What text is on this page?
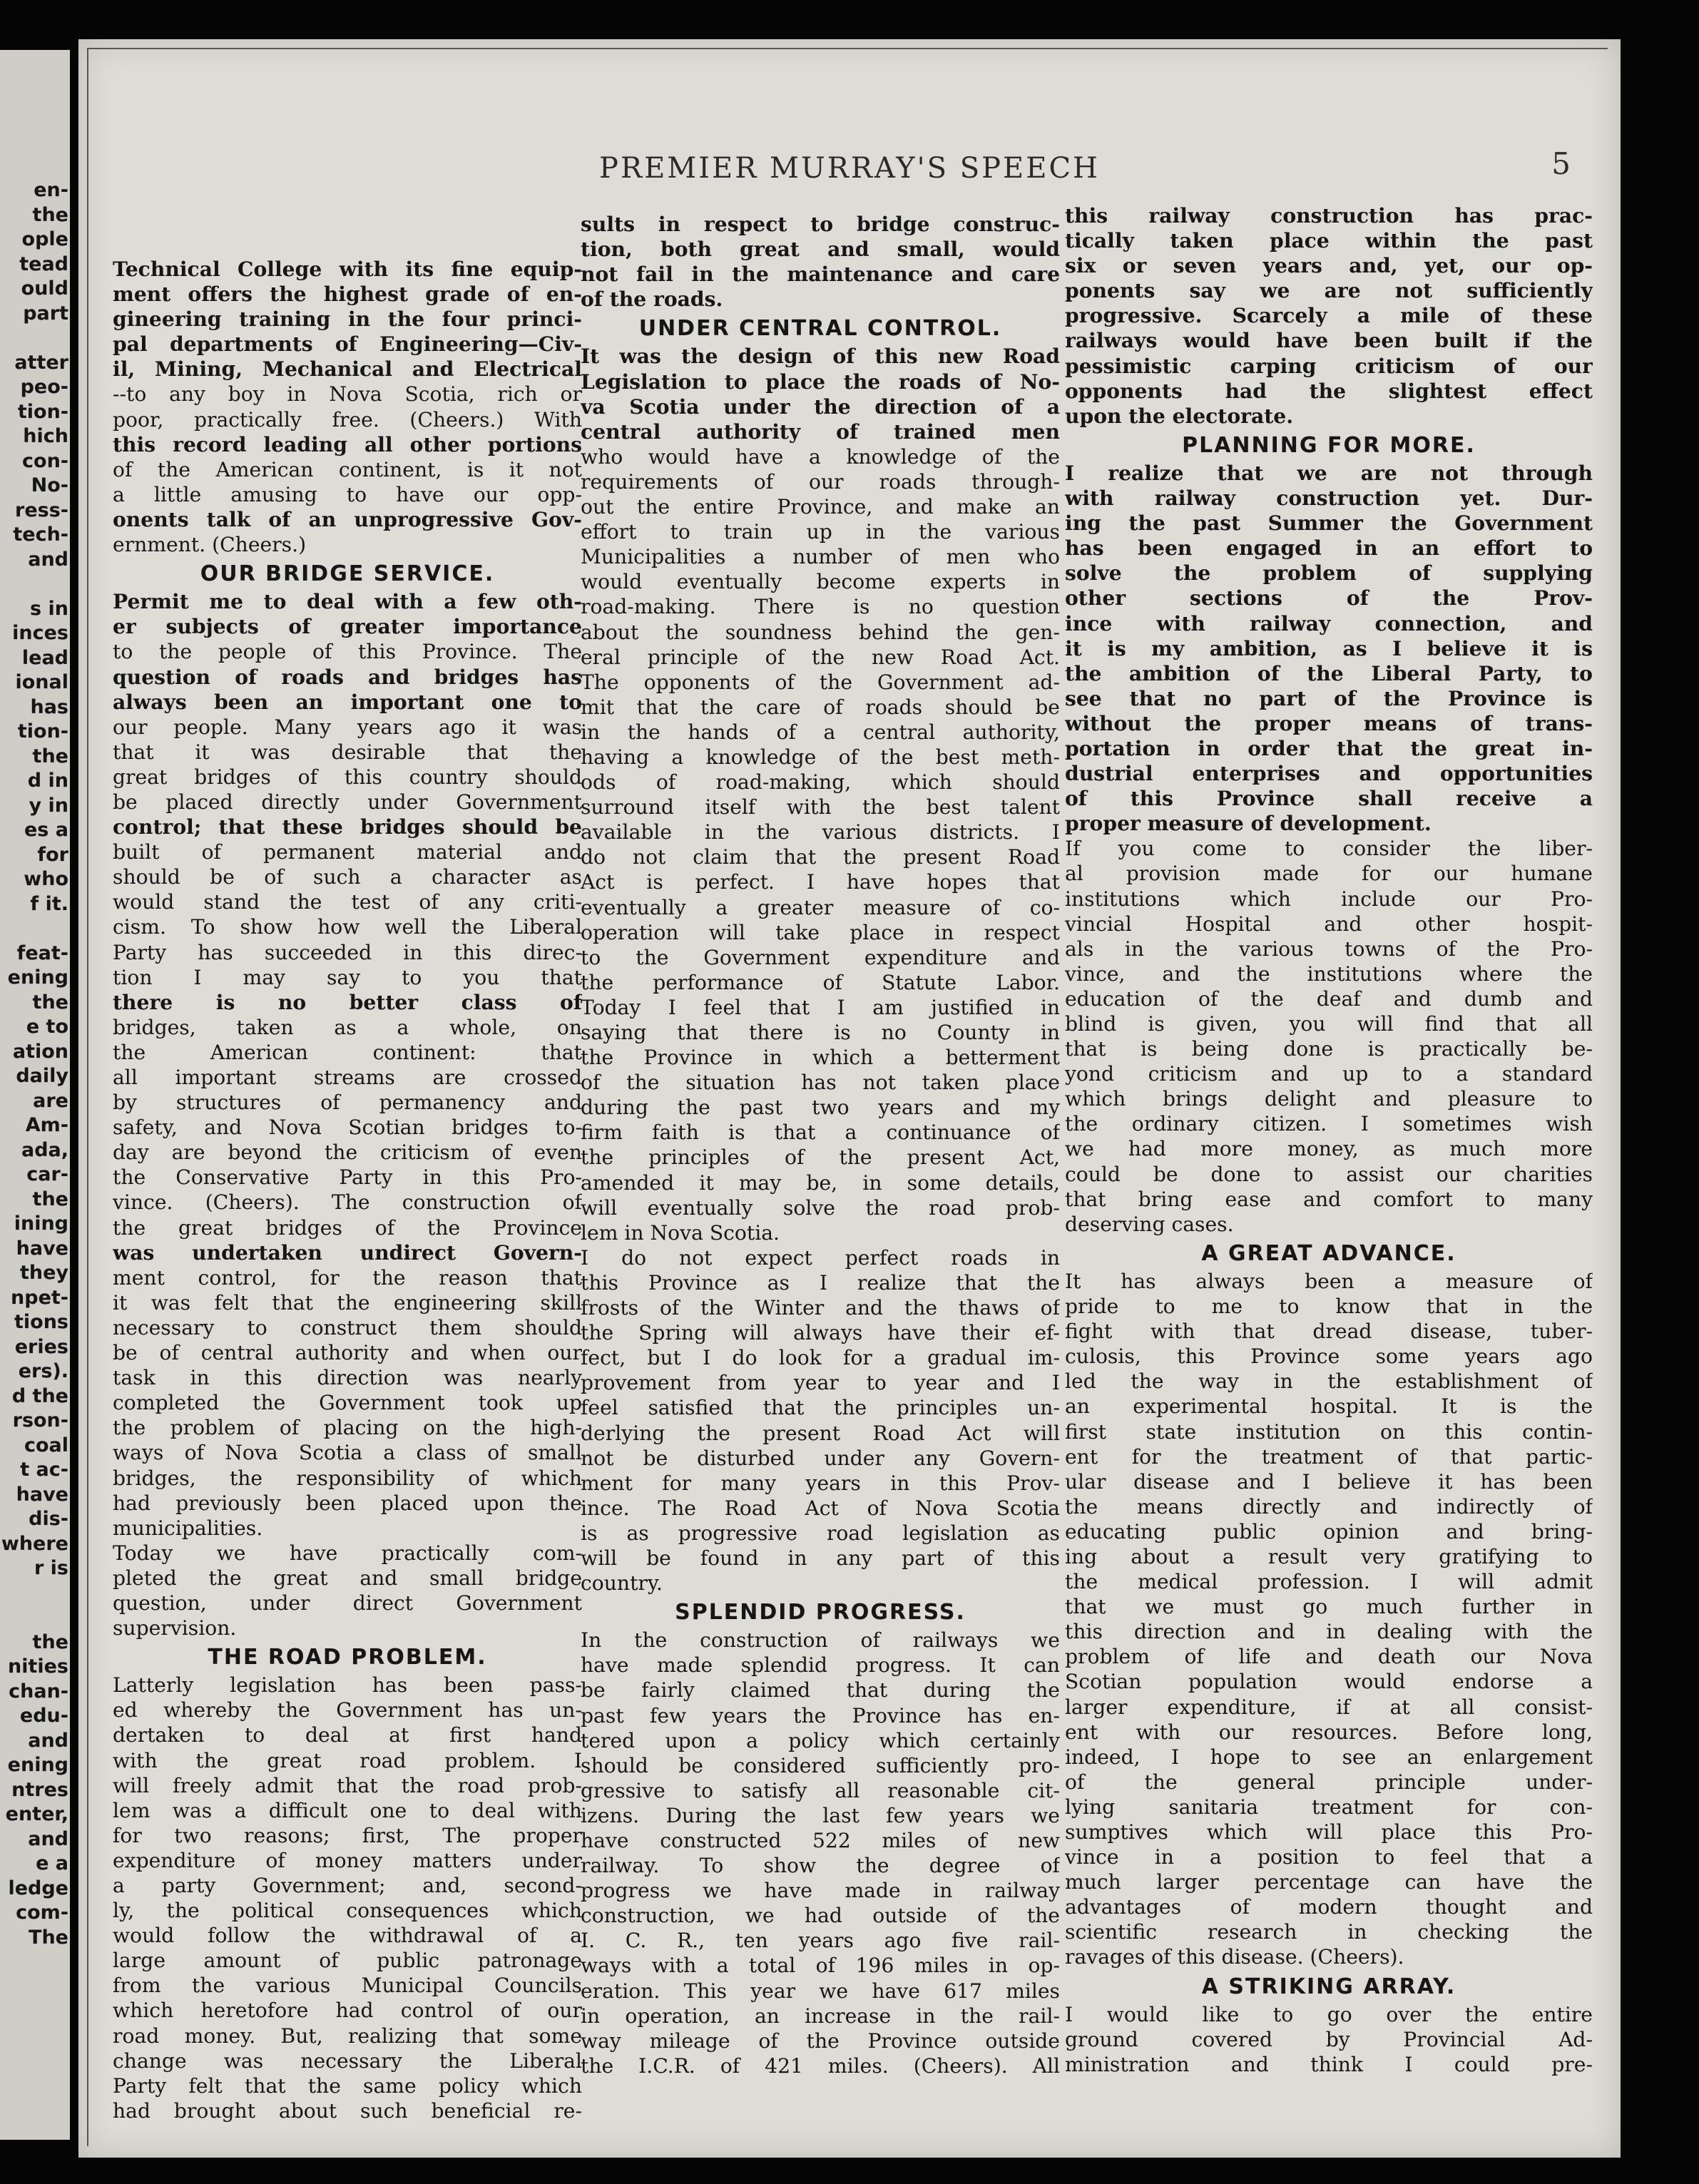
en-
the
ople
tead
ould
part

atter
peo-
tion-
hich
con-
No-
ress-
tech-
and

s in
inces
lead
ional
has
tion-
the
d in
y in
es a
for
who
f it.

feat-
ening
the
e to
ation
daily
are
Am-
ada,
car-
the
ining
have
they
npet-
tions
eries
ers).
d the
rson-
coal
t ac-
have
dis-
where
r is

the
nities
chan-
edu-
and
ening
ntres
enter,
and
e a
ledge
com-
The
PREMIER MURRAY'S SPEECH	5
Technical College with its fine equip-
ment offers the highest grade of en-
gineering training in the four princi-
pal departments of Engineering—Civ-
il, Mining, Mechanical and Electrical
--to any boy in Nova Scotia, rich or
poor, practically free. (Cheers.) With
this record leading all other portions
of the American continent, is it not
a little amusing to have our opp-
onents talk of an unprogressive Gov-
ernment. (Cheers.)
OUR BRIDGE SERVICE.
Permit me to deal with a few oth-
er subjects of greater importance
to the people of this Province. The
question of roads and bridges has
always been an important one to
our people. Many years ago it was
that it was desirable that the
great bridges of this country should
be placed directly under Government
control; that these bridges should be
built of permanent material and
should be of such a character as
would stand the test of any criti-
cism. To show how well the Liberal
Party has succeeded in this direc-
tion I may say to you that
there is no better class of
bridges, taken as a whole, on
the American continent: that
all important streams are crossed
by structures of permanency and
safety, and Nova Scotian bridges to-
day are beyond the criticism of even
the Conservative Party in this Pro-
vince. (Cheers). The construction of
the great bridges of the Province
was undertaken undirect Govern-
ment control, for the reason that
it was felt that the engineering skill
necessary to construct them should
be of central authority and when our
task in this direction was nearly
completed the Government took up
the problem of placing on the high-
ways of Nova Scotia a class of small
bridges, the responsibility of which
had previously been placed upon the
municipalities.
Today we have practically com-
pleted the great and small bridge
question, under direct Government
supervision.
THE ROAD PROBLEM.
Latterly legislation has been pass-
ed whereby the Government has un-
dertaken to deal at first hand
with the great road problem. I
will freely admit that the road prob-
lem was a difficult one to deal with
for two reasons; first, The proper
expenditure of money matters under
a party Government; and, second-
ly, the political consequences which
would follow the withdrawal of a
large amount of public patronage
from the various Municipal Councils
which heretofore had control of our
road money. But, realizing that some
change was necessary the Liberal
Party felt that the same policy which
had brought about such beneficial re-
sults in respect to bridge construc-
tion, both great and small, would
not fail in the maintenance and care
of the roads.
UNDER CENTRAL CONTROL.
It was the design of this new Road
Legislation to place the roads of No-
va Scotia under the direction of a
central authority of trained men
who would have a knowledge of the
requirements of our roads through-
out the entire Province, and make an
effort to train up in the various
Municipalities a number of men who
would eventually become experts in
road-making. There is no question
about the soundness behind the gen-
eral principle of the new Road Act.
The opponents of the Government ad-
mit that the care of roads should be
in the hands of a central authority,
having a knowledge of the best meth-
ods of road-making, which should
surround itself with the best talent
available in the various districts. I
do not claim that the present Road
Act is perfect. I have hopes that
eventually a greater measure of co-
operation will take place in respect
to the Government expenditure and
the performance of Statute Labor.
Today I feel that I am justified in
saying that there is no County in
the Province in which a betterment
of the situation has not taken place
during the past two years and my
firm faith is that a continuance of
the principles of the present Act,
amended it may be, in some details,
will eventually solve the road prob-
lem in Nova Scotia.
I do not expect perfect roads in
this Province as I realize that the
frosts of the Winter and the thaws of
the Spring will always have their ef-
fect, but I do look for a gradual im-
provement from year to year and I
feel satisfied that the principles un-
derlying the present Road Act will
not be disturbed under any Govern-
ment for many years in this Prov-
ince. The Road Act of Nova Scotia
is as progressive road legislation as
will be found in any part of this
country.
SPLENDID PROGRESS.
In the construction of railways we
have made splendid progress. It can
be fairly claimed that during the
past few years the Province has en-
tered upon a policy which certainly
should be considered sufficiently pro-
gressive to satisfy all reasonable cit-
izens. During the last few years we
have constructed 522 miles of new
railway. To show the degree of
progress we have made in railway
construction, we had outside of the
I. C. R., ten years ago five rail-
ways with a total of 196 miles in op-
eration. This year we have 617 miles
in operation, an increase in the rail-
way mileage of the Province outside
the I.C.R. of 421 miles. (Cheers). All
this railway construction has prac-
tically taken place within the past
six or seven years and, yet, our op-
ponents say we are not sufficiently
progressive. Scarcely a mile of these
railways would have been built if the
pessimistic carping criticism of our
opponents had the slightest effect
upon the electorate.
PLANNING FOR MORE.
I realize that we are not through
with railway construction yet. Dur-
ing the past Summer the Government
has been engaged in an effort to
solve the problem of supplying
other sections of the Prov-
ince with railway connection, and
it is my ambition, as I believe it is
the ambition of the Liberal Party, to
see that no part of the Province is
without the proper means of trans-
portation in order that the great in-
dustrial enterprises and opportunities
of this Province shall receive a
proper measure of development.
If you come to consider the liber-
al provision made for our humane
institutions which include our Pro-
vincial Hospital and other hospit-
als in the various towns of the Pro-
vince, and the institutions where the
education of the deaf and dumb and
blind is given, you will find that all
that is being done is practically be-
yond criticism and up to a standard
which brings delight and pleasure to
the ordinary citizen. I sometimes wish
we had more money, as much more
could be done to assist our charities
that bring ease and comfort to many
deserving cases.
A GREAT ADVANCE.
It has always been a measure of
pride to me to know that in the
fight with that dread disease, tuber-
culosis, this Province some years ago
led the way in the establishment of
an experimental hospital. It is the
first state institution on this contin-
ent for the treatment of that partic-
ular disease and I believe it has been
the means directly and indirectly of
educating public opinion and bring-
ing about a result very gratifying to
the medical profession. I will admit
that we must go much further in
this direction and in dealing with the
problem of life and death our Nova
Scotian population would endorse a
larger expenditure, if at all consist-
ent with our resources. Before long,
indeed, I hope to see an enlargement
of the general principle under-
lying sanitaria treatment for con-
sumptives which will place this Pro-
vince in a position to feel that a
much larger percentage can have the
advantages of modern thought and
scientific research in checking the
ravages of this disease. (Cheers).
A STRIKING ARRAY.
I would like to go over the entire
ground covered by Provincial Ad-
ministration and think I could pre-
